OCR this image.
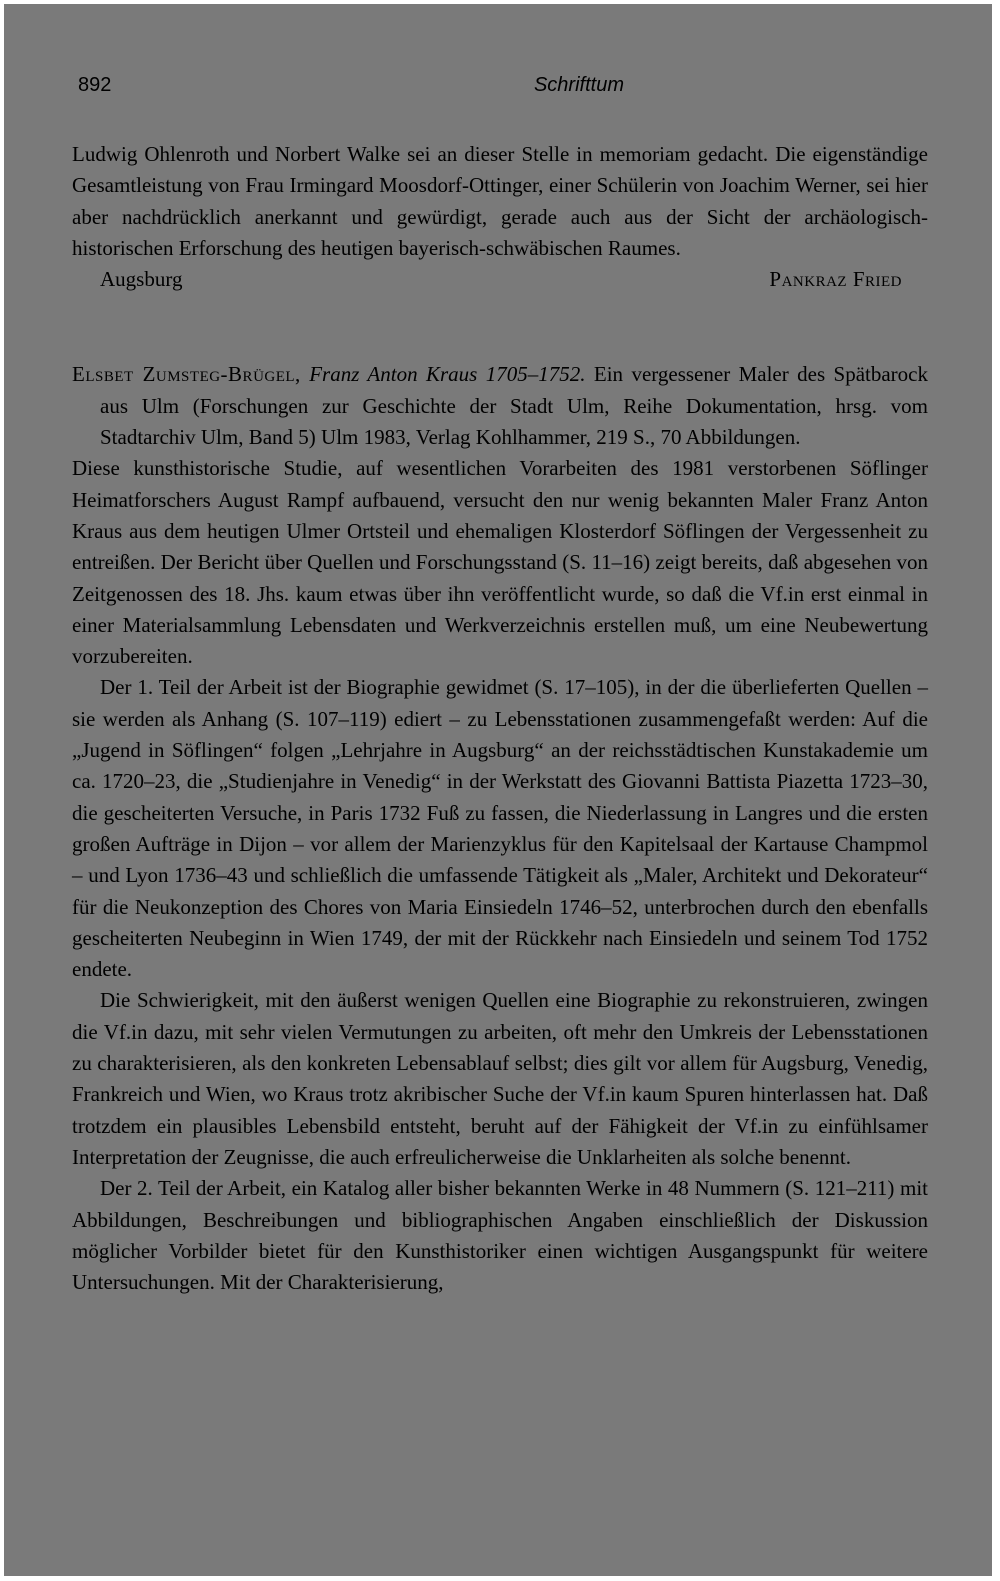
892	Schrifttum

Ludwig Ohlenroth und Norbert Walke sei an dieser Stelle in memoriam gedacht. Die eigenständige Gesamtleistung von Frau Irmingard Moosdorf-Ottinger, einer Schülerin von Joachim Werner, sei hier aber nachdrücklich anerkannt und gewürdigt, gerade auch aus der Sicht der archäologisch-historischen Erforschung des heutigen bayerisch-schwäbischen Raumes.

Augsburg	Pankraz Fried

Elsbet Zumsteg-Brügel, Franz Anton Kraus 1705–1752. Ein vergessener Maler des Spätbarock aus Ulm (Forschungen zur Geschichte der Stadt Ulm, Reihe Dokumentation, hrsg. vom Stadtarchiv Ulm, Band 5) Ulm 1983, Verlag Kohlhammer, 219 S., 70 Abbildungen.

Diese kunsthistorische Studie, auf wesentlichen Vorarbeiten des 1981 verstorbenen Söflinger Heimatforschers August Rampf aufbauend, versucht den nur wenig bekannten Maler Franz Anton Kraus aus dem heutigen Ulmer Ortsteil und ehemaligen Klosterdorf Söflingen der Vergessenheit zu entreißen. Der Bericht über Quellen und Forschungsstand (S. 11–16) zeigt bereits, daß abgesehen von Zeitgenossen des 18. Jhs. kaum etwas über ihn veröffentlicht wurde, so daß die Vf.in erst einmal in einer Materialsammlung Lebensdaten und Werkverzeichnis erstellen muß, um eine Neubewertung vorzubereiten.

Der 1. Teil der Arbeit ist der Biographie gewidmet (S. 17–105), in der die überlieferten Quellen – sie werden als Anhang (S. 107–119) ediert – zu Lebensstationen zusammengefaßt werden: Auf die „Jugend in Söflingen“ folgen „Lehrjahre in Augsburg“ an der reichsstädtischen Kunstakademie um ca. 1720–23, die „Studienjahre in Venedig“ in der Werkstatt des Giovanni Battista Piazetta 1723–30, die gescheiterten Versuche, in Paris 1732 Fuß zu fassen, die Niederlassung in Langres und die ersten großen Aufträge in Dijon – vor allem der Marienzyklus für den Kapitelsaal der Kartause Champmol – und Lyon 1736–43 und schließlich die umfassende Tätigkeit als „Maler, Architekt und Dekorateur“ für die Neukonzeption des Chores von Maria Einsiedeln 1746–52, unterbrochen durch den ebenfalls gescheiterten Neubeginn in Wien 1749, der mit der Rückkehr nach Einsiedeln und seinem Tod 1752 endete.

Die Schwierigkeit, mit den äußerst wenigen Quellen eine Biographie zu rekonstruieren, zwingen die Vf.in dazu, mit sehr vielen Vermutungen zu arbeiten, oft mehr den Umkreis der Lebensstationen zu charakterisieren, als den konkreten Lebensablauf selbst; dies gilt vor allem für Augsburg, Venedig, Frankreich und Wien, wo Kraus trotz akribischer Suche der Vf.in kaum Spuren hinterlassen hat. Daß trotzdem ein plausibles Lebensbild entsteht, beruht auf der Fähigkeit der Vf.in zu einfühlsamer Interpretation der Zeugnisse, die auch erfreulicherweise die Unklarheiten als solche benennt.

Der 2. Teil der Arbeit, ein Katalog aller bisher bekannten Werke in 48 Nummern (S. 121–211) mit Abbildungen, Beschreibungen und bibliographischen Angaben einschließlich der Diskussion möglicher Vorbilder bietet für den Kunsthistoriker einen wichtigen Ausgangspunkt für weitere Untersuchungen. Mit der Charakterisierung,
